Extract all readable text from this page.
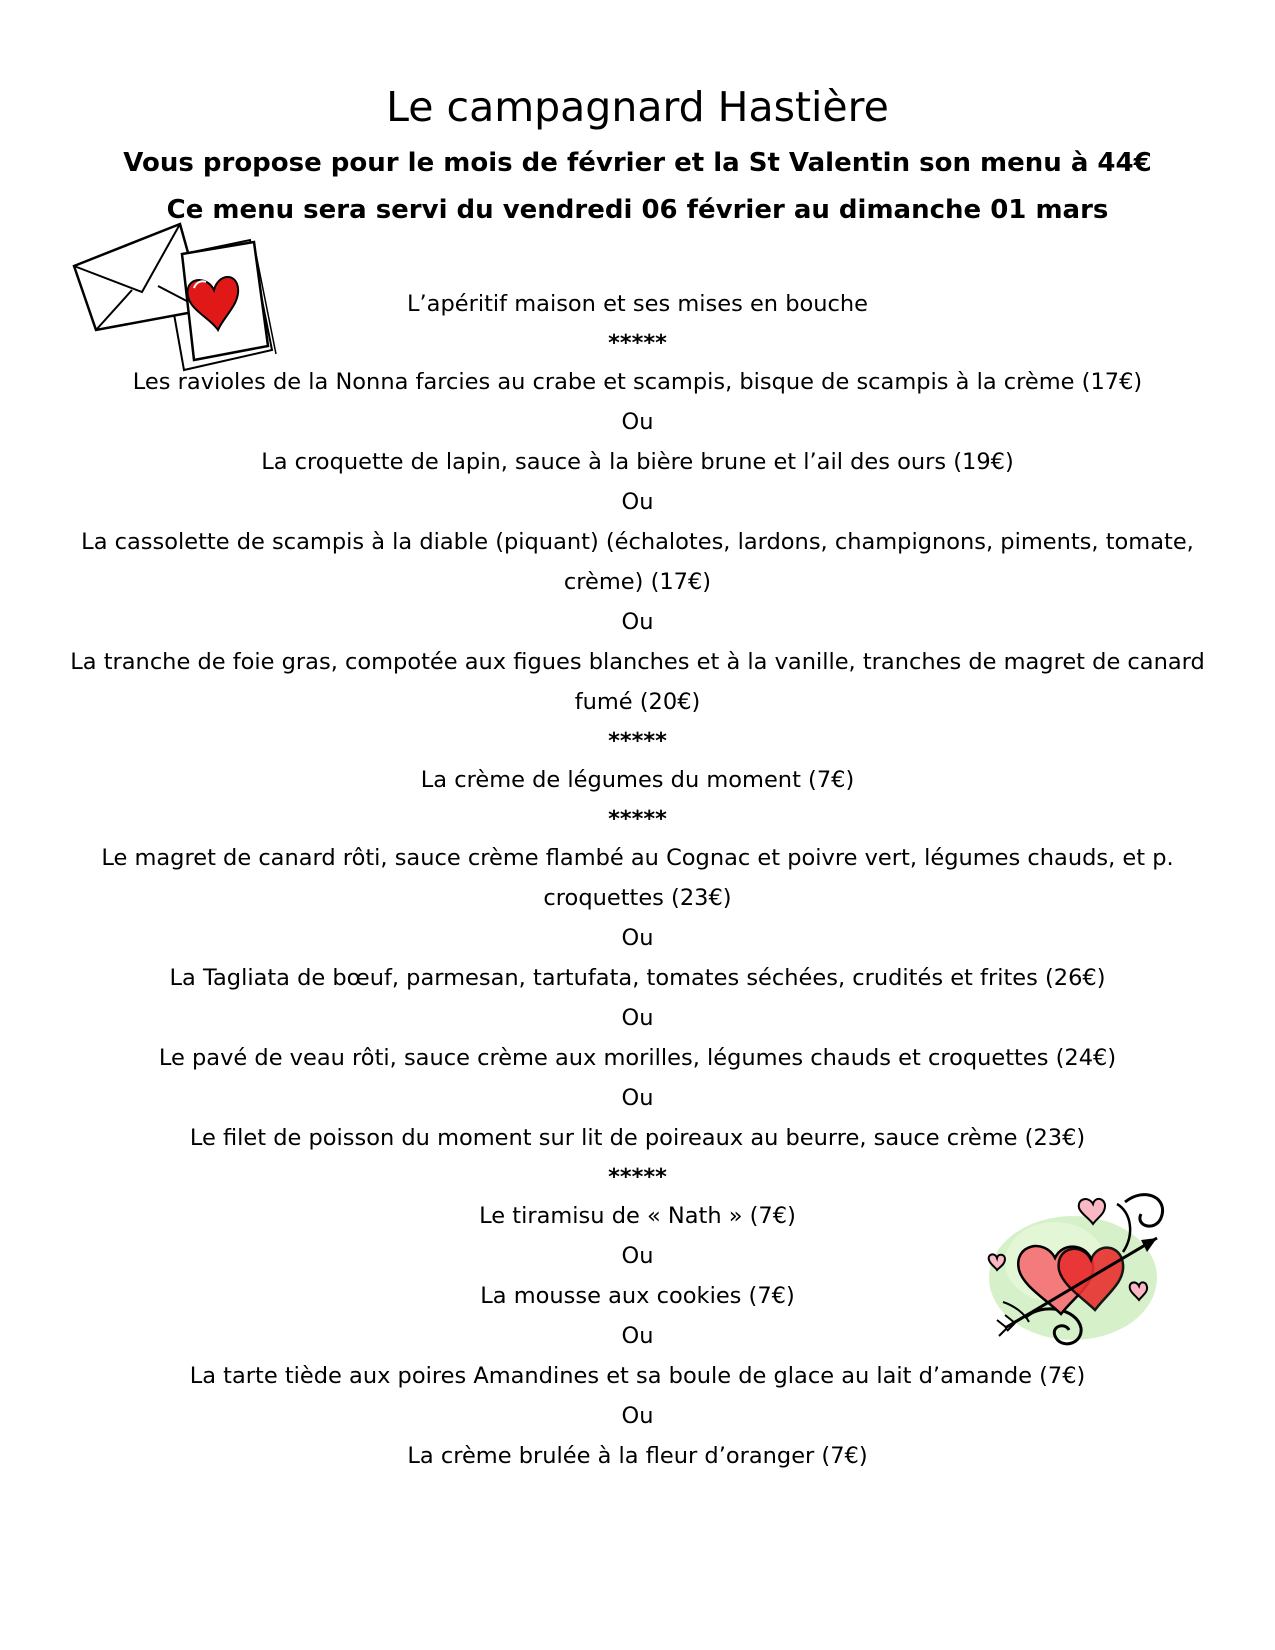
Le campagnard Hastière
Vous propose pour le mois de février et la St Valentin son menu à 44€
Ce menu sera servi du vendredi 06 février au dimanche 01 mars
L’apéritif maison et ses mises en bouche
*****
Les ravioles de la Nonna farcies au crabe et scampis, bisque de scampis à la crème (17€)
Ou
La croquette de lapin, sauce à la bière brune et l’ail des ours (19€)
Ou
La cassolette de scampis à la diable (piquant) (échalotes, lardons, champignons, piments, tomate, crème) (17€)
Ou
La tranche de foie gras, compotée aux figues blanches et à la vanille, tranches de magret de canard fumé (20€)
*****
La crème de légumes du moment (7€)
*****
Le magret de canard rôti, sauce crème flambé au Cognac et poivre vert, légumes chauds, et p. croquettes (23€)
Ou
La Tagliata de bœuf, parmesan, tartufata, tomates séchées, crudités et frites (26€)
Ou
Le pavé de veau rôti, sauce crème aux morilles, légumes chauds et croquettes (24€)
Ou
Le filet de poisson du moment sur lit de poireaux au beurre, sauce crème (23€)
*****
Le tiramisu de « Nath » (7€)
Ou
La mousse aux cookies (7€)
Ou
La tarte tiède aux poires Amandines et sa boule de glace au lait d’amande (7€)
Ou
La crème brulée à la fleur d’oranger (7€)
